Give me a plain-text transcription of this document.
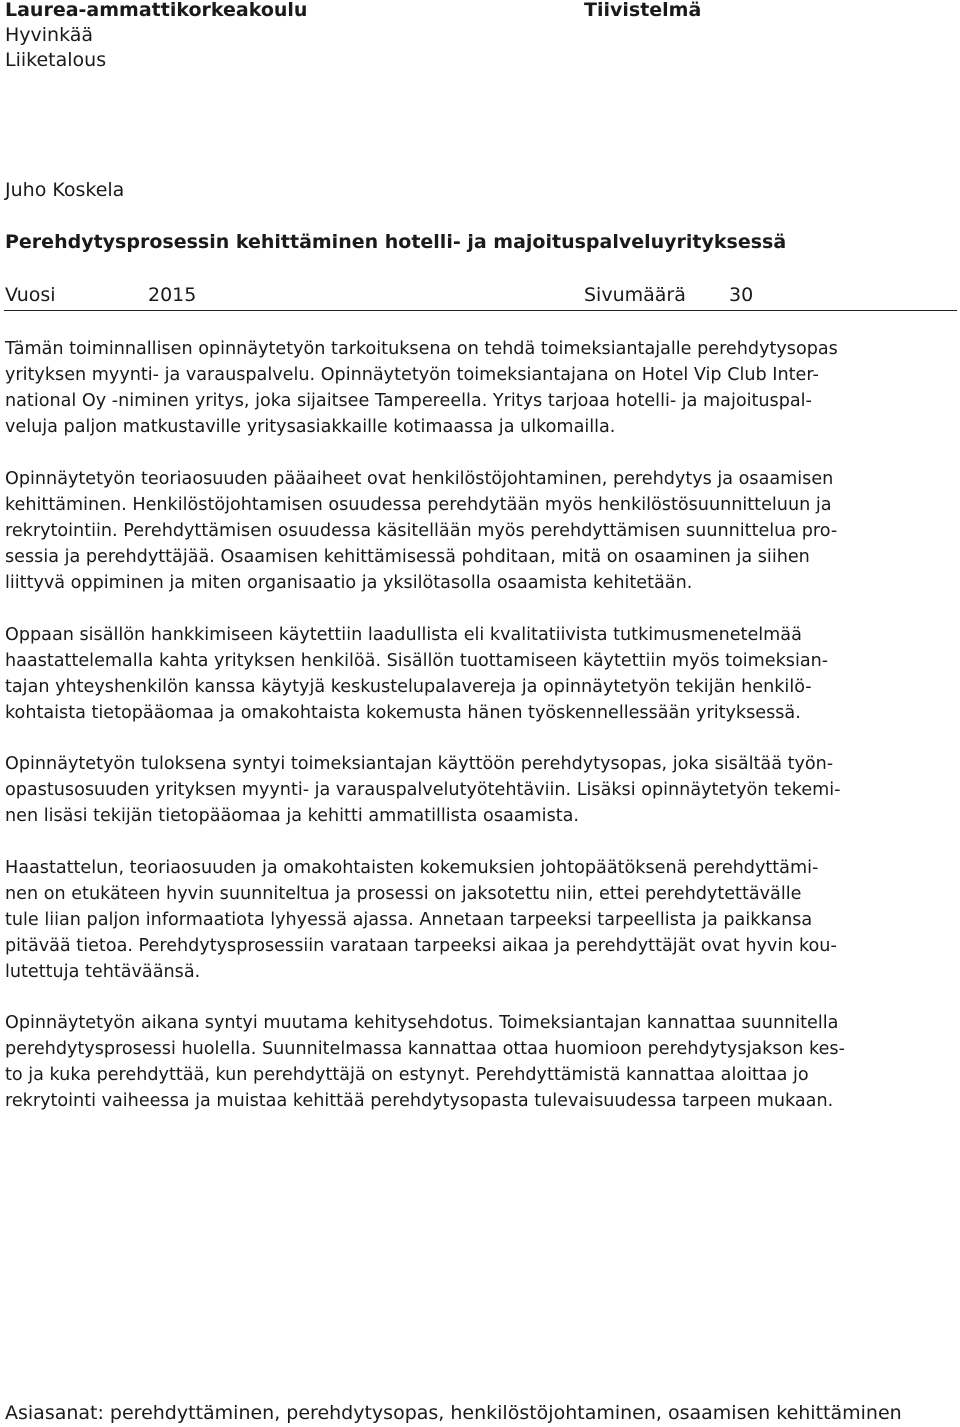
Laurea-ammattikorkeakoulu	Tiivistelmä
Hyvinkää
Liiketalous
Juho Koskela
Perehdytysprosessin kehittäminen hotelli- ja majoituspalveluyrityksessä
Vuosi	2015	Sivumäärä 30
Tämän toiminnallisen opinnäytetyön tarkoituksena on tehdä toimeksiantajalle perehdytysopas
yrityksen myynti- ja varauspalvelu. Opinnäytetyön toimeksiantajana on Hotel Vip Club Inter-
national Oy -niminen yritys, joka sijaitsee Tampereella. Yritys tarjoaa hotelli- ja majoituspal-
veluja paljon matkustaville yritysasiakkaille kotimaassa ja ulkomailla.
Opinnäytetyön teoriaosuuden pääaiheet ovat henkilöstöjohtaminen, perehdytys ja osaamisen
kehittäminen. Henkilöstöjohtamisen osuudessa perehdytään myös henkilöstösuunnitteluun ja
rekrytointiin. Perehdyttämisen osuudessa käsitellään myös perehdyttämisen suunnittelua pro-
sessia ja perehdyttäjää. Osaamisen kehittämisessä pohditaan, mitä on osaaminen ja siihen
liittyvä oppiminen ja miten organisaatio ja yksilötasolla osaamista kehitetään.
Oppaan sisällön hankkimiseen käytettiin laadullista eli kvalitatiivista tutkimusmenetelmää
haastattelemalla kahta yrityksen henkilöä. Sisällön tuottamiseen käytettiin myös toimeksian-
tajan yhteyshenkilön kanssa käytyjä keskustelupalavereja ja opinnäytetyön tekijän henkilö-
kohtaista tietopääomaa ja omakohtaista kokemusta hänen työskennellessään yrityksessä.
Opinnäytetyön tuloksena syntyi toimeksiantajan käyttöön perehdytysopas, joka sisältää työn-
opastusosuuden yrityksen myynti- ja varauspalvelutyötehtäviin. Lisäksi opinnäytetyön tekemi-
nen lisäsi tekijän tietopääomaa ja kehitti ammatillista osaamista.
Haastattelun, teoriaosuuden ja omakohtaisten kokemuksien johtopäätöksenä perehdyttämi-
nen on etukäteen hyvin suunniteltua ja prosessi on jaksotettu niin, ettei perehdytettävälle
tule liian paljon informaatiota lyhyessä ajassa. Annetaan tarpeeksi tarpeellista ja paikkansa
pitävää tietoa. Perehdytysprosessiin varataan tarpeeksi aikaa ja perehdyttäjät ovat hyvin kou-
lutettuja tehtäväänsä.
Opinnäytetyön aikana syntyi muutama kehitysehdotus. Toimeksiantajan kannattaa suunnitella
perehdytysprosessi huolella. Suunnitelmassa kannattaa ottaa huomioon perehdytysjakson kes-
to ja kuka perehdyttää, kun perehdyttäjä on estynyt. Perehdyttämistä kannattaa aloittaa jo
rekrytointi vaiheessa ja muistaa kehittää perehdytysopasta tulevaisuudessa tarpeen mukaan.
Asiasanat: perehdyttäminen, perehdytysopas, henkilöstöjohtaminen, osaamisen kehittäminen
